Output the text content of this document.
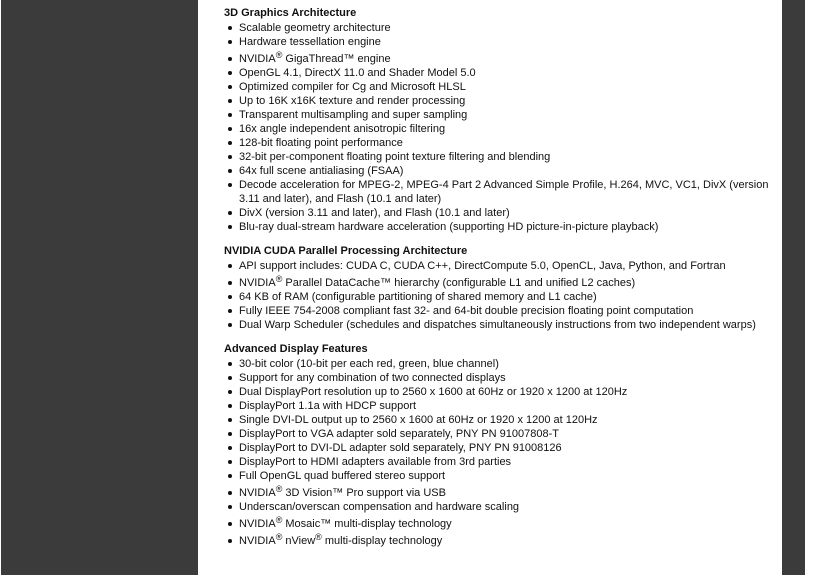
3D Graphics Architecture
Scalable geometry architecture
Hardware tessellation engine
NVIDIA® GigaThread™ engine
OpenGL 4.1, DirectX 11.0 and Shader Model 5.0
Optimized compiler for Cg and Microsoft HLSL
Up to 16K x16K texture and render processing
Transparent multisampling and super sampling
16x angle independent anisotropic filtering
128-bit floating point performance
32-bit per-component floating point texture filtering and blending
64x full scene antialiasing (FSAA)
Decode acceleration for MPEG-2, MPEG-4 Part 2 Advanced Simple Profile, H.264, MVC, VC1, DivX (version 3.11 and later), and Flash (10.1 and later)
DivX (version 3.11 and later), and Flash (10.1 and later)
Blu-ray dual-stream hardware acceleration (supporting HD picture-in-picture playback)
NVIDIA CUDA Parallel Processing Architecture
API support includes: CUDA C, CUDA C++, DirectCompute 5.0, OpenCL, Java, Python, and Fortran
NVIDIA® Parallel DataCache™ hierarchy (configurable L1 and unified L2 caches)
64 KB of RAM (configurable partitioning of shared memory and L1 cache)
Fully IEEE 754-2008 compliant fast 32- and 64-bit double precision floating point computation
Dual Warp Scheduler (schedules and dispatches simultaneously instructions from two independent warps)
Advanced Display Features
30-bit color (10-bit per each red, green, blue channel)
Support for any combination of two connected displays
Dual DisplayPort resolution up to 2560 x 1600 at 60Hz or 1920 x 1200 at 120Hz
DisplayPort 1.1a with HDCP support
Single DVI-DL output up to 2560 x 1600 at 60Hz or 1920 x 1200 at 120Hz
DisplayPort to VGA adapter sold separately, PNY PN 91007808-T
DisplayPort to DVI-DL adapter sold separately, PNY PN 91008126
DisplayPort to HDMI adapters available from 3rd parties
Full OpenGL quad buffered stereo support
NVIDIA® 3D Vision™ Pro support via USB
Underscan/overscan compensation and hardware scaling
NVIDIA® Mosaic™ multi-display technology
NVIDIA® nView® multi-display technology
